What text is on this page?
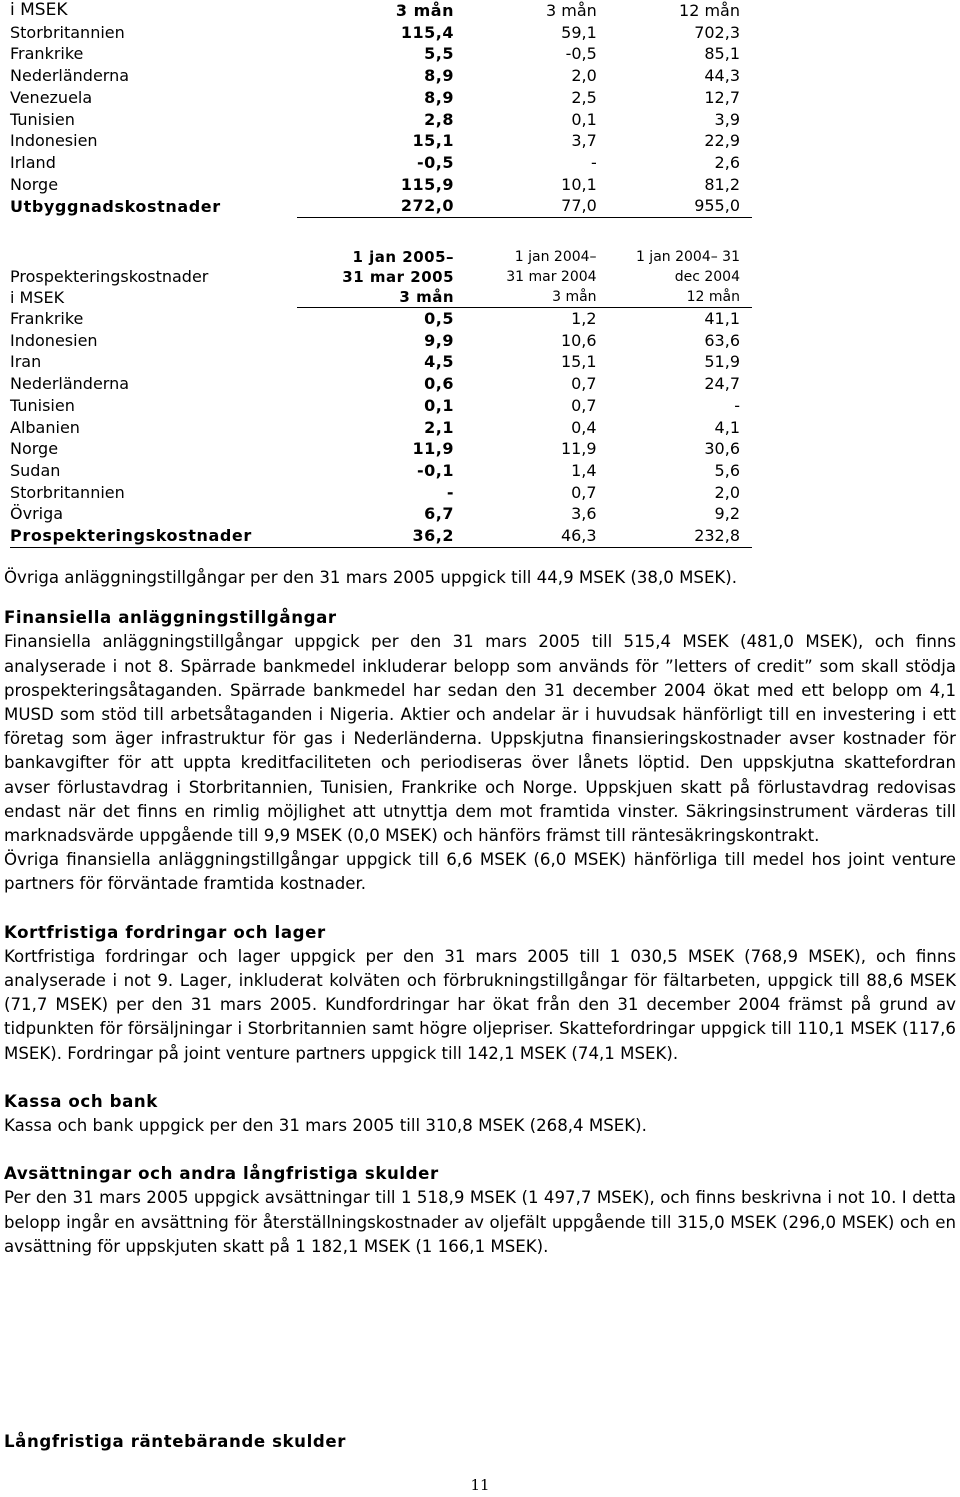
i MSEK	3 mån	3 mån	12 mån
Storbritannien	115,4	59,1	702,3
Frankrike	5,5	-0,5	85,1
Nederländerna	8,9	2,0	44,3
Venezuela	8,9	2,5	12,7
Tunisien	2,8	0,1	3,9
Indonesien	15,1	3,7	22,9
Irland	-0,5	-	2,6
Norge	115,9	10,1	81,2
Utbyggnadskostnader	272,0	77,0	955,0
	1 jan 2005–	1 jan 2004–	1 jan 2004– 31
Prospekteringskostnader	31 mar 2005	31 mar 2004	dec 2004
i MSEK	3 mån	3 mån	12 mån
Frankrike	0,5	1,2	41,1
Indonesien	9,9	10,6	63,6
Iran	4,5	15,1	51,9
Nederländerna	0,6	0,7	24,7
Tunisien	0,1	0,7	-
Albanien	2,1	0,4	4,1
Norge	11,9	11,9	30,6
Sudan	-0,1	1,4	5,6
Storbritannien	-	0,7	2,0
Övriga	6,7	3,6	9,2
Prospekteringskostnader	36,2	46,3	232,8

Övriga anläggningstillgångar per den 31 mars 2005 uppgick till 44,9 MSEK (38,0 MSEK).

Finansiella anläggningstillgångar

Finansiella anläggningstillgångar uppgick per den 31 mars 2005 till 515,4 MSEK (481,0 MSEK), och finns analyserade i not 8. Spärrade bankmedel inkluderar belopp som används för ”letters of credit” som skall stödja prospekteringsåtaganden. Spärrade bankmedel har sedan den 31 december 2004 ökat med ett belopp om 4,1 MUSD som stöd till arbetsåtaganden i Nigeria. Aktier och andelar är i huvudsak hänförligt till en investering i ett företag som äger infrastruktur för gas i Nederländerna. Uppskjutna finansieringskostnader avser kostnader för bankavgifter för att uppta kreditfaciliteten och periodiseras över lånets löptid. Den uppskjutna skattefordran avser förlustavdrag i Storbritannien, Tunisien, Frankrike och Norge. Uppskjuen skatt på förlustavdrag redovisas endast när det finns en rimlig möjlighet att utnyttja dem mot framtida vinster. Säkringsinstrument värderas till marknadsvärde uppgående till 9,9 MSEK (0,0 MSEK) och hänförs främst till räntesäkringskontrakt.

Övriga finansiella anläggningstillgångar uppgick till 6,6 MSEK (6,0 MSEK) hänförliga till medel hos joint venture partners för förväntade framtida kostnader.

Kortfristiga fordringar och lager

Kortfristiga fordringar och lager uppgick per den 31 mars 2005 till 1 030,5 MSEK (768,9 MSEK), och finns analyserade i not 9. Lager, inkluderat kolväten och förbrukningstillgångar för fältarbeten, uppgick till 88,6 MSEK (71,7 MSEK) per den 31 mars 2005. Kundfordringar har ökat från den 31 december 2004 främst på grund av tidpunkten för försäljningar i Storbritannien samt högre oljepriser. Skattefordringar uppgick till 110,1 MSEK (117,6 MSEK). Fordringar på joint venture partners uppgick till 142,1 MSEK (74,1 MSEK).

Kassa och bank

Kassa och bank uppgick per den 31 mars 2005 till 310,8 MSEK (268,4 MSEK).

Avsättningar och andra långfristiga skulder

Per den 31 mars 2005 uppgick avsättningar till 1 518,9 MSEK (1 497,7 MSEK), och finns beskrivna i not 10. I detta belopp ingår en avsättning för återställningskostnader av oljefält uppgående till 315,0 MSEK (296,0 MSEK) och en avsättning för uppskjuten skatt på 1 182,1 MSEK (1 166,1 MSEK).

Långfristiga räntebärande skulder

11
